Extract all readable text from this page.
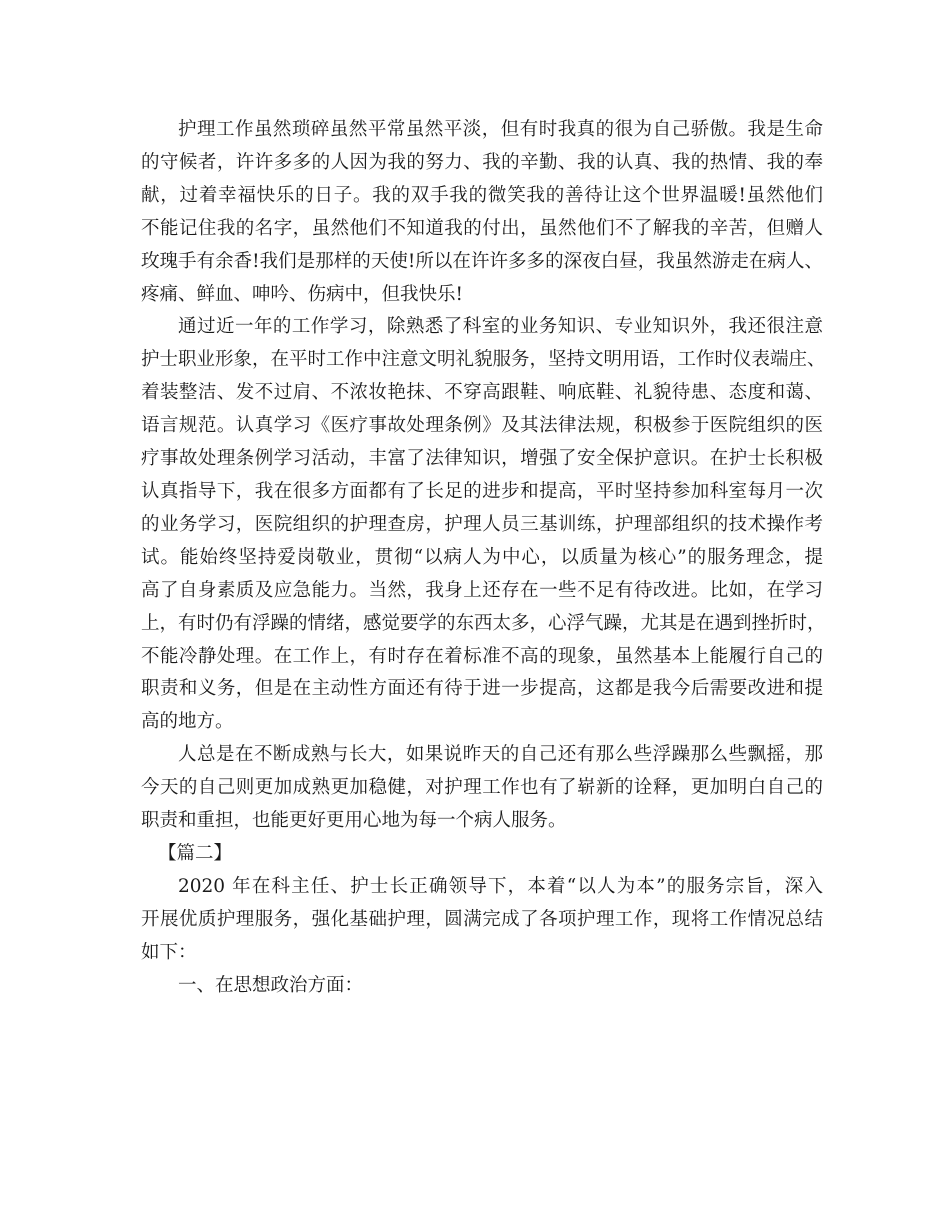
护理工作虽然琐碎虽然平常虽然平淡，但有时我真的很为自己骄傲。我是生命
的守候者，许许多多的人因为我的努力、我的辛勤、我的认真、我的热情、我的奉
献，过着幸福快乐的日子。我的双手我的微笑我的善待让这个世界温暖!虽然他们
不能记住我的名字，虽然他们不知道我的付出，虽然他们不了解我的辛苦，但赠人
玫瑰手有余香!我们是那样的天使!所以在许许多多的深夜白昼，我虽然游走在病人、
疼痛、鲜血、呻吟、伤病中，但我快乐!

通过近一年的工作学习，除熟悉了科室的业务知识、专业知识外，我还很注意
护士职业形象，在平时工作中注意文明礼貌服务，坚持文明用语，工作时仪表端庄、
着装整洁、发不过肩、不浓妆艳抹、不穿高跟鞋、响底鞋、礼貌待患、态度和蔼、
语言规范。认真学习《医疗事故处理条例》及其法律法规，积极参于医院组织的医
疗事故处理条例学习活动，丰富了法律知识，增强了安全保护意识。在护士长积极
认真指导下，我在很多方面都有了长足的进步和提高，平时坚持参加科室每月一次
的业务学习，医院组织的护理查房，护理人员三基训练，护理部组织的技术操作考
试。能始终坚持爱岗敬业，贯彻“以病人为中心，以质量为核心”的服务理念，提
高了自身素质及应急能力。当然，我身上还存在一些不足有待改进。比如，在学习
上，有时仍有浮躁的情绪，感觉要学的东西太多，心浮气躁，尤其是在遇到挫折时，
不能冷静处理。在工作上，有时存在着标准不高的现象，虽然基本上能履行自己的
职责和义务，但是在主动性方面还有待于进一步提高，这都是我今后需要改进和提
高的地方。

人总是在不断成熟与长大，如果说昨天的自己还有那么些浮躁那么些飘摇，那
今天的自己则更加成熟更加稳健，对护理工作也有了崭新的诠释，更加明白自己的
职责和重担，也能更好更用心地为每一个病人服务。

【篇二】

2020 年在科主任、护士长正确领导下，本着“以人为本”的服务宗旨，深入
开展优质护理服务，强化基础护理，圆满完成了各项护理工作，现将工作情况总结
如下：

一、在思想政治方面：
